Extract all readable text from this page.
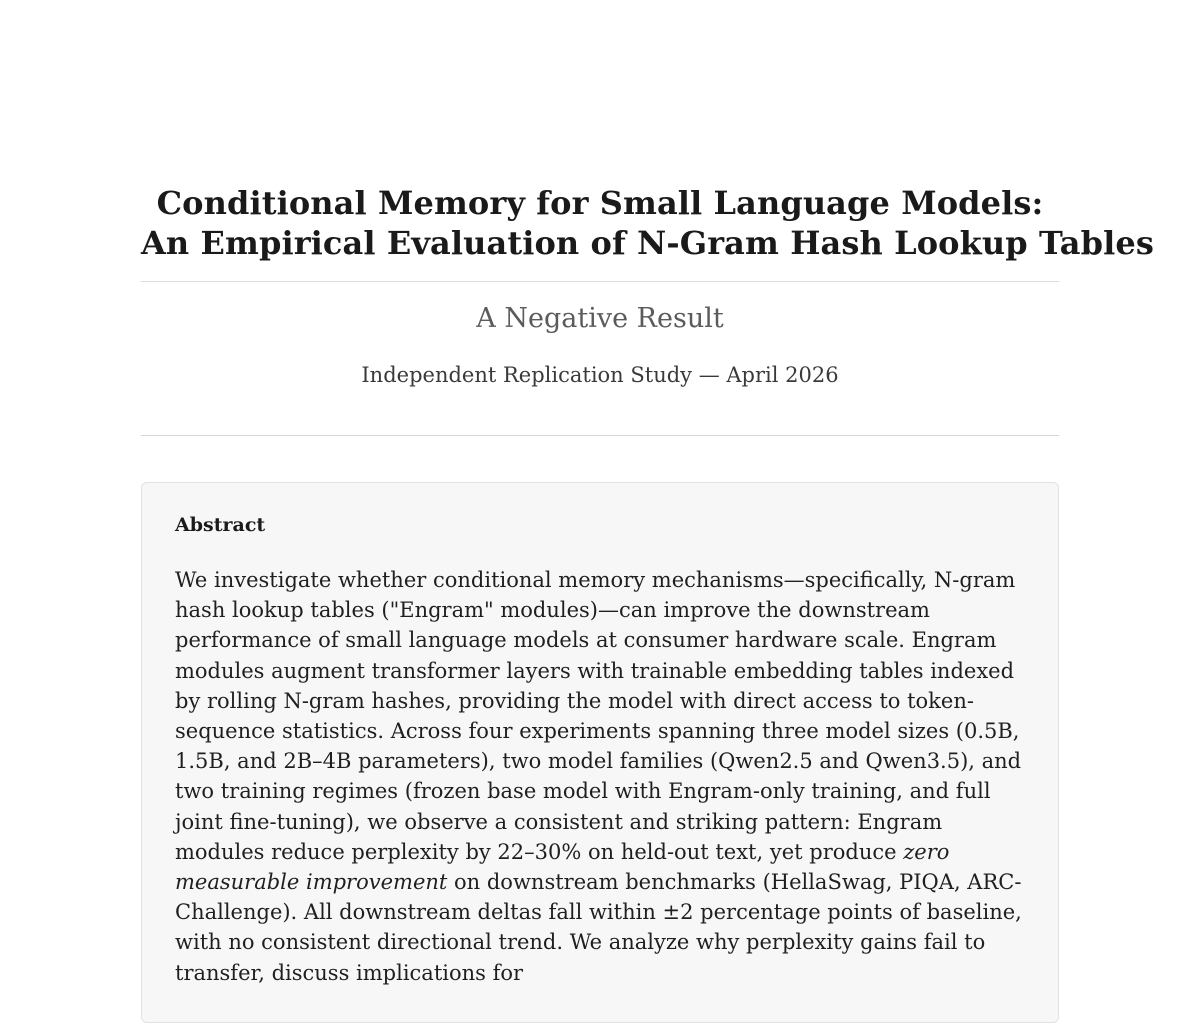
Conditional Memory for Small Language Models:
An Empirical Evaluation of N-Gram Hash Lookup Tables

A Negative Result

Independent Replication Study — April 2026

Abstract

We investigate whether conditional memory mechanisms—specifically, N-gram hash lookup tables ("Engram" modules)—can improve the downstream performance of small language models at consumer hardware scale. Engram modules augment transformer layers with trainable embedding tables indexed by rolling N-gram hashes, providing the model with direct access to token-sequence statistics. Across four experiments spanning three model sizes (0.5B, 1.5B, and 2B–4B parameters), two model families (Qwen2.5 and Qwen3.5), and two training regimes (frozen base model with Engram-only training, and full joint fine-tuning), we observe a consistent and striking pattern: Engram modules reduce perplexity by 22–30% on held-out text, yet produce zero measurable improvement on downstream benchmarks (HellaSwag, PIQA, ARC-Challenge). All downstream deltas fall within ±2 percentage points of baseline, with no consistent directional trend. We analyze why perplexity gains fail to transfer, discuss implications for
